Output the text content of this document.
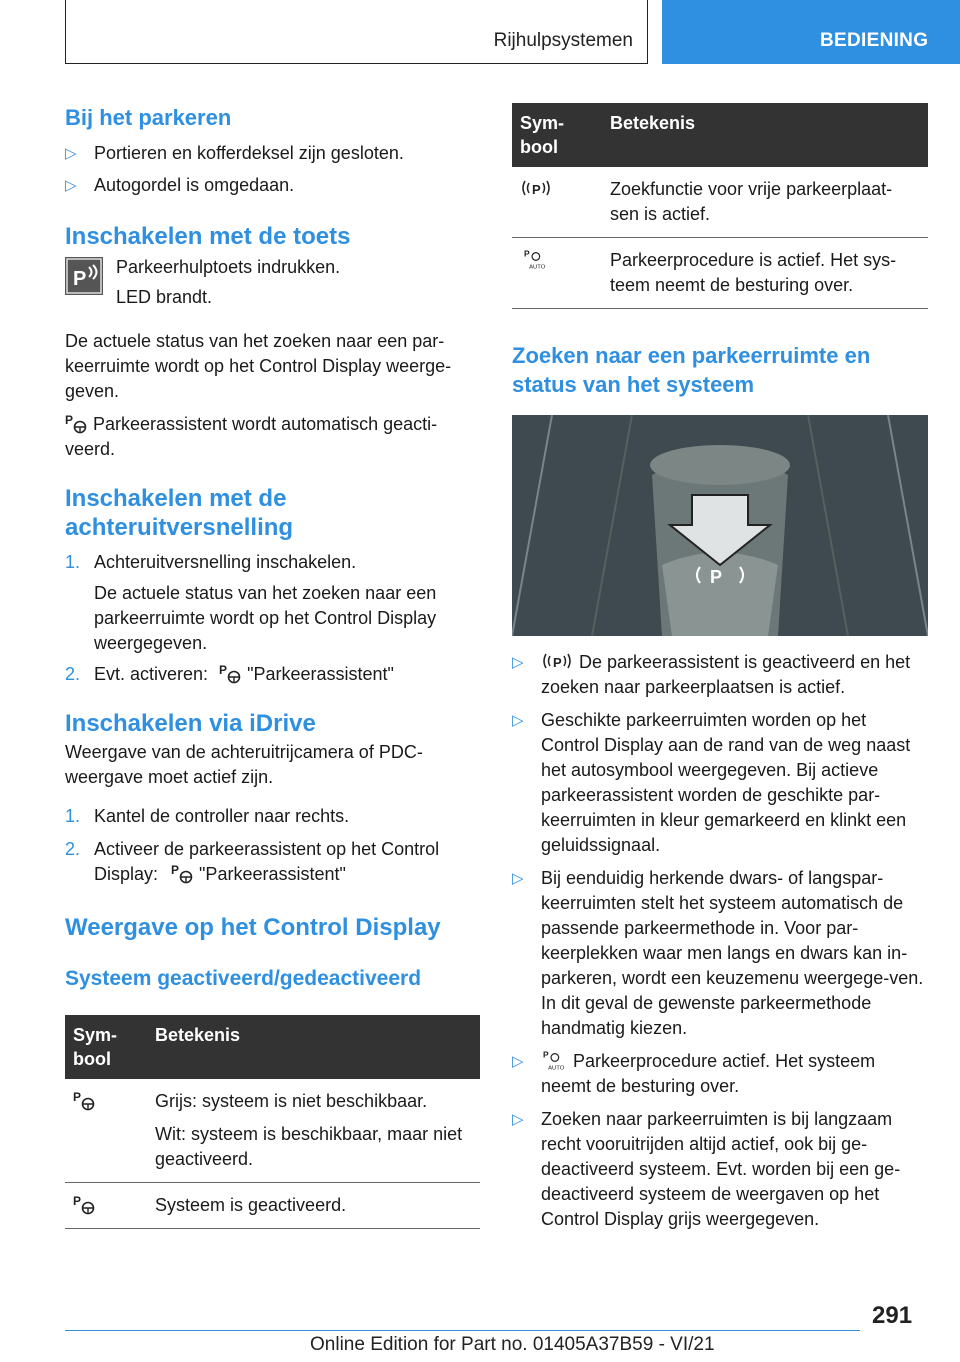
Rijhulpsystemen	BEDIENING
Bij het parkeren
▷ Portieren en kofferdeksel zijn gesloten.
▷ Autogordel is omgedaan.
Inschakelen met de toets
P
Parkeerhulptoets indrukken.
LED brandt.
De actuele status van het zoeken naar een par-keerruimte wordt op het Control Display weerge-geven.
P Parkeerassistent wordt automatisch geacti-veerd.
Inschakelen met de achteruitversnelling
1. Achteruitversnelling inschakelen.
De actuele status van het zoeken naar een parkeerruimte wordt op het Control Display weergegeven.
2. Evt. activeren: P "Parkeerassistent"
Inschakelen via iDrive
Weergave van de achteruitrijcamera of PDC-weergave moet actief zijn.
1. Kantel de controller naar rechts.
2. Activeer de parkeerassistent op het Control Display: P "Parkeerassistent"
Weergave op het Control Display
Systeem geactiveerd/gedeactiveerd
Sym-bool	Betekenis

P	Grijs: systeem is niet beschikbaar.
Wit: systeem is beschikbaar, maar niet geactiveerd.

P	Systeem is geactiveerd.
Sym-bool	Betekenis

P	Zoekfunctie voor vrije parkeerplaat-sen is actief.

P
AUTO	Parkeerprocedure is actief. Het sys-teem neemt de besturing over.
Zoeken naar een parkeerruimte en status van het systeem
P
▷ P De parkeerassistent is geactiveerd en het zoeken naar parkeerplaatsen is actief.
▷ Geschikte parkeerruimten worden op het Control Display aan de rand van de weg naast het autosymbool weergegeven. Bij actieve parkeerassistent worden de geschikte par-keerruimten in kleur gemarkeerd en klinkt een geluidssignaal.
▷ Bij eenduidig herkende dwars- of langspar-keerruimten stelt het systeem automatisch de passende parkeermethode in. Voor par-keerplekken waar men langs en dwars kan in-parkeren, wordt een keuzemenu weergege-ven. In dit geval de gewenste parkeermethode handmatig kiezen.
▷ P
AUTO Parkeerprocedure actief. Het systeem neemt de besturing over.
▷ Zoeken naar parkeerruimten is bij langzaam recht vooruitrijden altijd actief, ook bij ge-deactiveerd systeem. Evt. worden bij een ge-deactiveerd systeem de weergaven op het Control Display grijs weergegeven.
291
Online Edition for Part no. 01405A37B59 - VI/21
